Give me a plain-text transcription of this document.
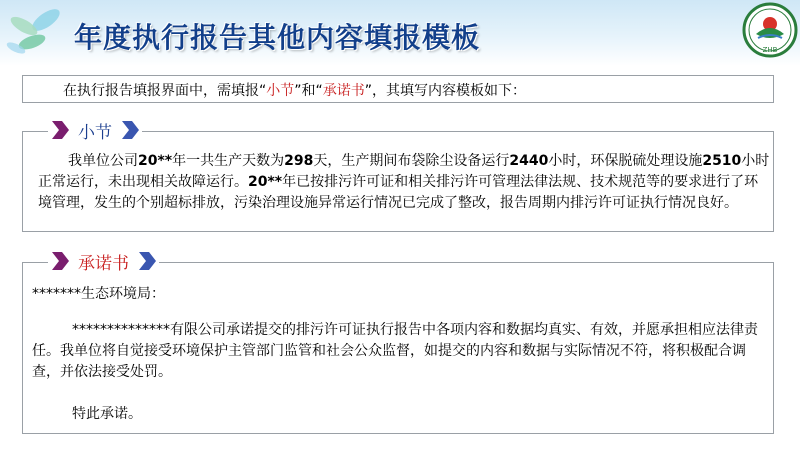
年度执行报告其他内容填报模板	ZHB
在执行报告填报界面中，需填报“小节”和“承诺书”，其填写内容模板如下：
小节
我单位公司20**年一共生产天数为298天，生产期间布袋除尘设备运行2440小时，环保脱硫处理设施2510小时正常运行，未出现相关故障运行。20**年已按排污许可证和相关排污许可管理法律法规、技术规范等的要求进行了环境管理，发生的个别超标排放，污染治理设施异常运行情况已完成了整改，报告周期内排污许可证执行情况良好。
承诺书
*******生态环境局：
**************有限公司承诺提交的排污许可证执行报告中各项内容和数据均真实、有效，并愿承担相应法律责任。我单位将自觉接受环境保护主管部门监管和社会公众监督，如提交的内容和数据与实际情况不符，将积极配合调查，并依法接受处罚。
特此承诺。
